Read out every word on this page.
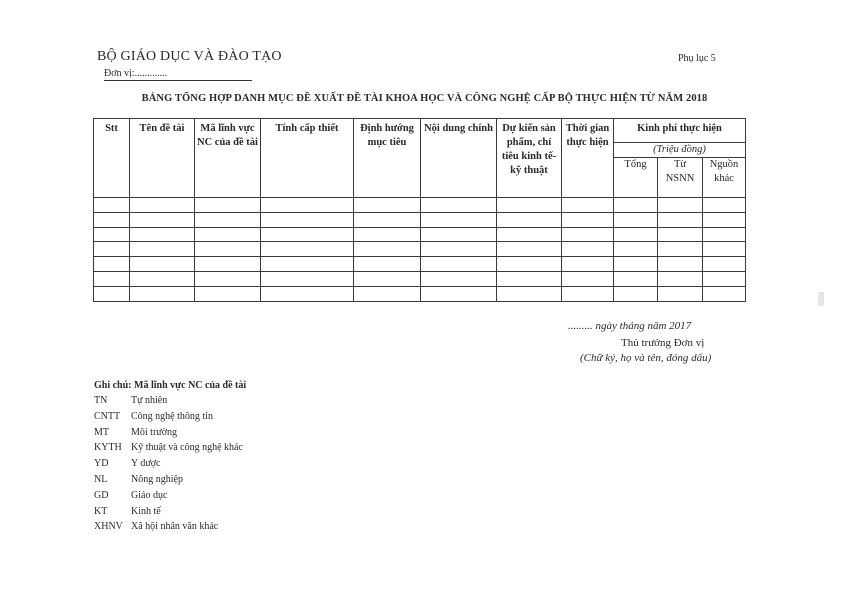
BỘ GIÁO DỤC VÀ ĐÀO TẠO
Đơn vị:.............
Phụ lục 5
BẢNG TỔNG HỢP DANH MỤC ĐỀ XUẤT ĐỀ TÀI KHOA HỌC VÀ CÔNG NGHỆ CẤP BỘ THỰC HIỆN TỪ NĂM 2018
Stt	Tên đề tài	Mã lĩnh vực NC của đề tài	Tính cấp thiết	Định hướng mục tiêu	Nội dung chính	Dự kiến sản phẩm, chỉ tiêu kinh tế- kỹ thuật	Thời gian thực hiện	Kinh phí thực hiện		
								(Triệu đồng)		
								Tổng	Từ NSNN	Nguồn khác

......... ngày tháng năm 2017
Thủ trưởng Đơn vị
(Chữ ký, họ và tên, đóng dấu)
Ghi chú: Mã lĩnh vực NC của đề tài
TN	Tự nhiên
CNTT	Công nghệ thông tin
MT	Môi trường
KYTH Kỹ thuật và công nghệ khác
YD	Y dược
NL	Nông nghiệp
GD	Giáo dục
KT	Kinh tế
XHNV Xã hội nhân văn khác
